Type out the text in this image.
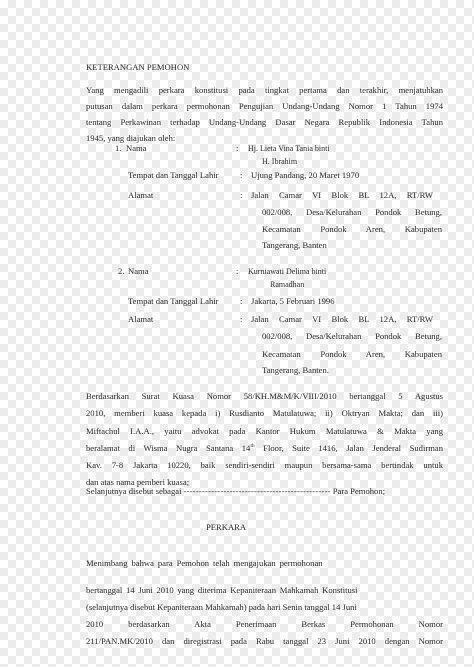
KETERANGAN PEMOHON
Yang mengadili perkara konstitusi pada tingkat pertama dan terakhir, menjatuhkan
putusan dalam perkara permohonan Pengujian Undang-Undang Nomor 1 Tahun 1974
tentang Perkawinan terhadap Undang-Undang Dasar Negara Republik Indonesia Tahun
1945, yang diajukan oleh:
1. Nama	: Hj. Lieta Vina Tania binti
H. Ibrahim
Tempat dan Tanggal Lahir : Ujung Pandang, 20 Maret 1970
Alamat	: Jalan Camar VI Blok BL 12A, RT/RW
002/008, Desa/Kelurahan Pondok Betung,
Kecamatan Pondok Aren, Kabupaten
Tangerang, Banten
2. Nama	: Kurniawati Delima binti
Ramadhan
Tempat dan Tanggal Lahir : Jakarta, 5 Februari 1996
Alamat	: Jalan Camar VI Blok BL 12A, RT/RW
002/008, Desa/Kelurahan Pondok Betung,
Kecamatan Pondok Aren, Kabupaten
Tangerang, Banten.
Berdasarkan Surat Kuasa Nomor 58/KH.M&M/K/VIII/2010 bertanggal 5 Agustus
2010, memberi kuasa kepada i) Rusdianto Matulatuwa; ii) Oktryan Makta; dan iii)
Miftachul I.A.A., yaitu advokat pada Kantor Hukum Matulatuwa & Makta yang
beralamat di Wisma Nugra Santana 14th Floor, Suite 1416, Jalan Jenderal Sudirman
Kav. 7-8 Jakarta 10220, baik sendiri-sendiri maupun bersama-sama bertindak untuk
dan atas nama pemberi kuasa;
Selanjutnya disebut sebagai ------------------------------------------------ Para Pemohon;
PERKARA
Menimbang bahwa para Pemohon telah mengajukan permohonan
bertanggal 14 Juni 2010 yang diterima Kepaniteraan Mahkamah Konstitusi
(selanjutnya disebut Kepaniteraan Mahkamah) pada hari Senin tanggal 14 Juni
2010 berdasarkan Akta Penerimaan Berkas Permohonan Nomor
211/PAN.MK/2010 dan diregistrasi pada Rabu tanggal 23 Juni 2010 dengan Nomor
